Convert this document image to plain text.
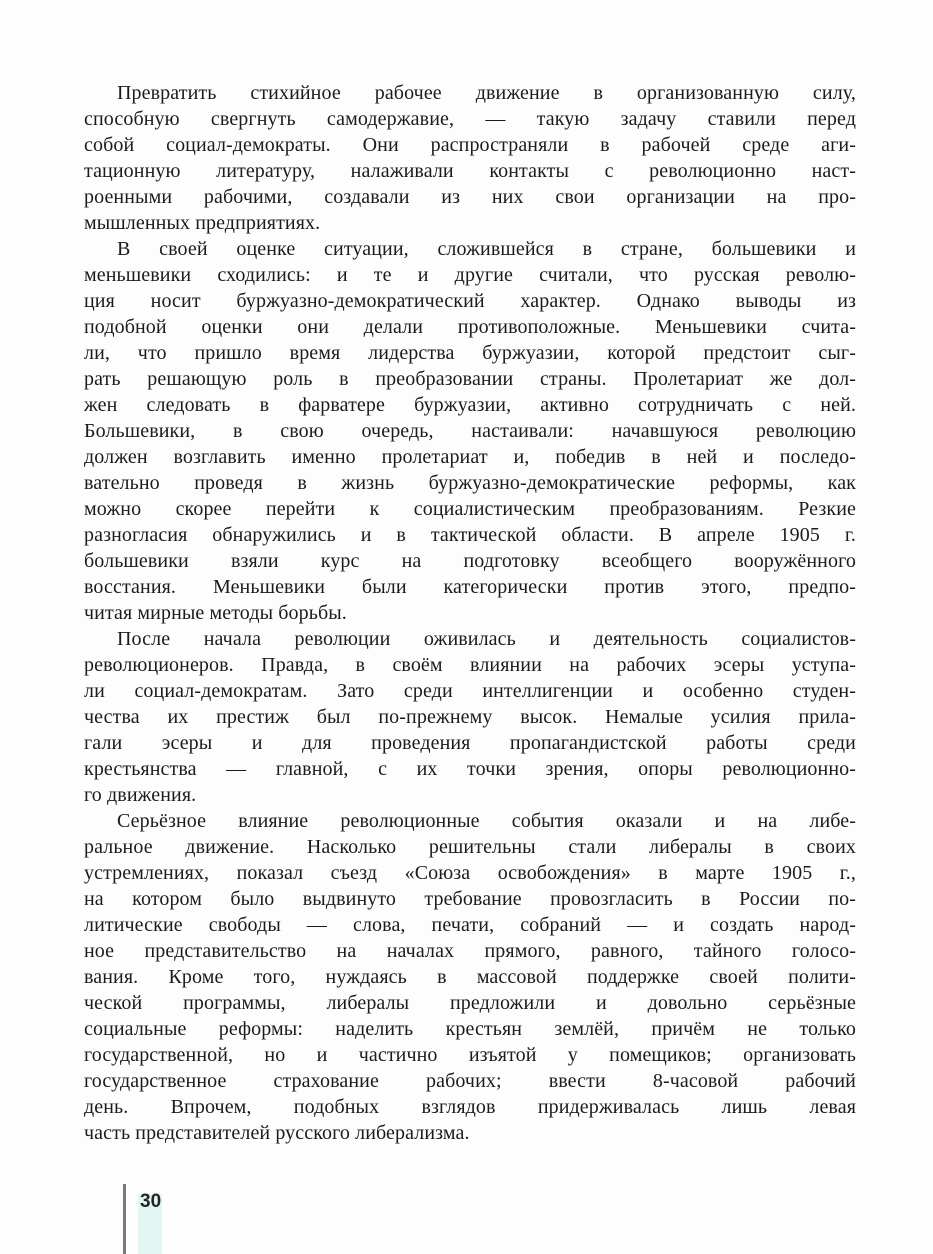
Превратить стихийное рабочее движение в организованную силу,
способную свергнуть самодержавие, — такую задачу ставили перед
собой социал-демократы. Они распространяли в рабочей среде аги-
тационную литературу, налаживали контакты с революционно наст-
роенными рабочими, создавали из них свои организации на про-
мышленных предприятиях.
В своей оценке ситуации, сложившейся в стране, большевики и
меньшевики сходились: и те и другие считали, что русская револю-
ция носит буржуазно-демократический характер. Однако выводы из
подобной оценки они делали противоположные. Меньшевики счита-
ли, что пришло время лидерства буржуазии, которой предстоит сыг-
рать решающую роль в преобразовании страны. Пролетариат же дол-
жен следовать в фарватере буржуазии, активно сотрудничать с ней.
Большевики, в свою очередь, настаивали: начавшуюся революцию
должен возглавить именно пролетариат и, победив в ней и последо-
вательно проведя в жизнь буржуазно-демократические реформы, как
можно скорее перейти к социалистическим преобразованиям. Резкие
разногласия обнаружились и в тактической области. В апреле 1905 г.
большевики взяли курс на подготовку всеобщего вооружённого
восстания. Меньшевики были категорически против этого, предпо-
читая мирные методы борьбы.
После начала революции оживилась и деятельность социалистов-
революционеров. Правда, в своём влиянии на рабочих эсеры уступа-
ли социал-демократам. Зато среди интеллигенции и особенно студен-
чества их престиж был по-прежнему высок. Немалые усилия прила-
гали эсеры и для проведения пропагандистской работы среди
крестьянства — главной, с их точки зрения, опоры революционно-
го движения.
Серьёзное влияние революционные события оказали и на либе-
ральное движение. Насколько решительны стали либералы в своих
устремлениях, показал съезд «Союза освобождения» в марте 1905 г.,
на котором было выдвинуто требование провозгласить в России по-
литические свободы — слова, печати, собраний — и создать народ-
ное представительство на началах прямого, равного, тайного голосо-
вания. Кроме того, нуждаясь в массовой поддержке своей полити-
ческой программы, либералы предложили и довольно серьёзные
социальные реформы: наделить крестьян землёй, причём не только
государственной, но и частично изъятой у помещиков; организовать
государственное страхование рабочих; ввести 8-часовой рабочий
день. Впрочем, подобных взглядов придерживалась лишь левая
часть представителей русского либерализма.
30
